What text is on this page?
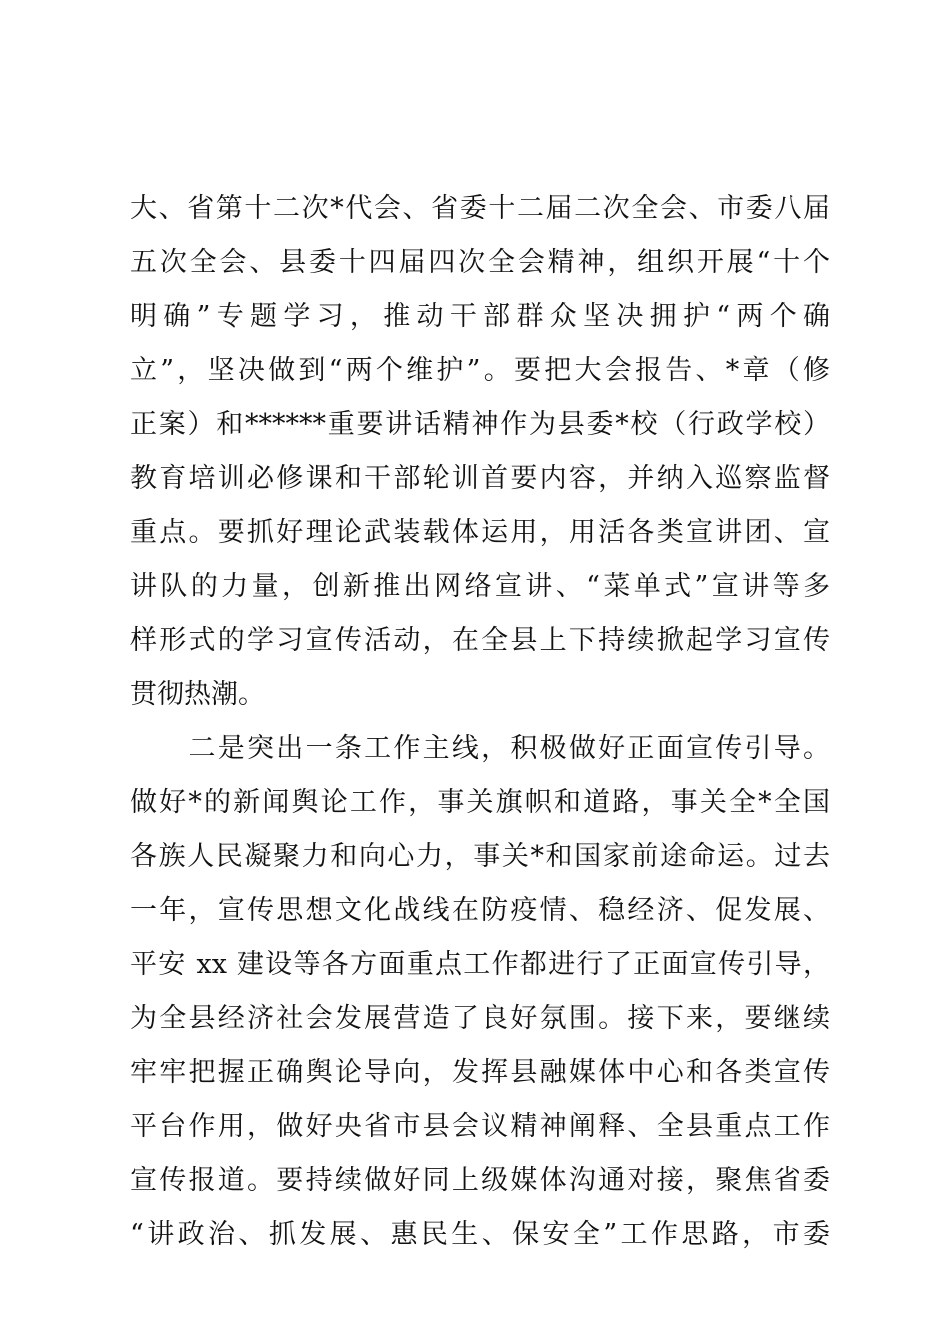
大、省第十二次*代会、省委十二届二次全会、市委八届
五次全会、县委十四届四次全会精神，组织开展“十个
明确”专题学习，推动干部群众坚决拥护“两个确
立”，坚决做到“两个维护”。要把大会报告、*章（修
正案）和******重要讲话精神作为县委*校（行政学校）
教育培训必修课和干部轮训首要内容，并纳入巡察监督
重点。要抓好理论武装载体运用，用活各类宣讲团、宣
讲队的力量，创新推出网络宣讲、“菜单式”宣讲等多
样形式的学习宣传活动，在全县上下持续掀起学习宣传
贯彻热潮。
　　二是突出一条工作主线，积极做好正面宣传引导。
做好*的新闻舆论工作，事关旗帜和道路，事关全*全国
各族人民凝聚力和向心力，事关*和国家前途命运。过去
一年，宣传思想文化战线在防疫情、稳经济、促发展、
平安 xx 建设等各方面重点工作都进行了正面宣传引导，
为全县经济社会发展营造了良好氛围。接下来，要继续
牢牢把握正确舆论导向，发挥县融媒体中心和各类宣传
平台作用，做好央省市县会议精神阐释、全县重点工作
宣传报道。要持续做好同上级媒体沟通对接，聚焦省委
“讲政治、抓发展、惠民生、保安全”工作思路，市委
